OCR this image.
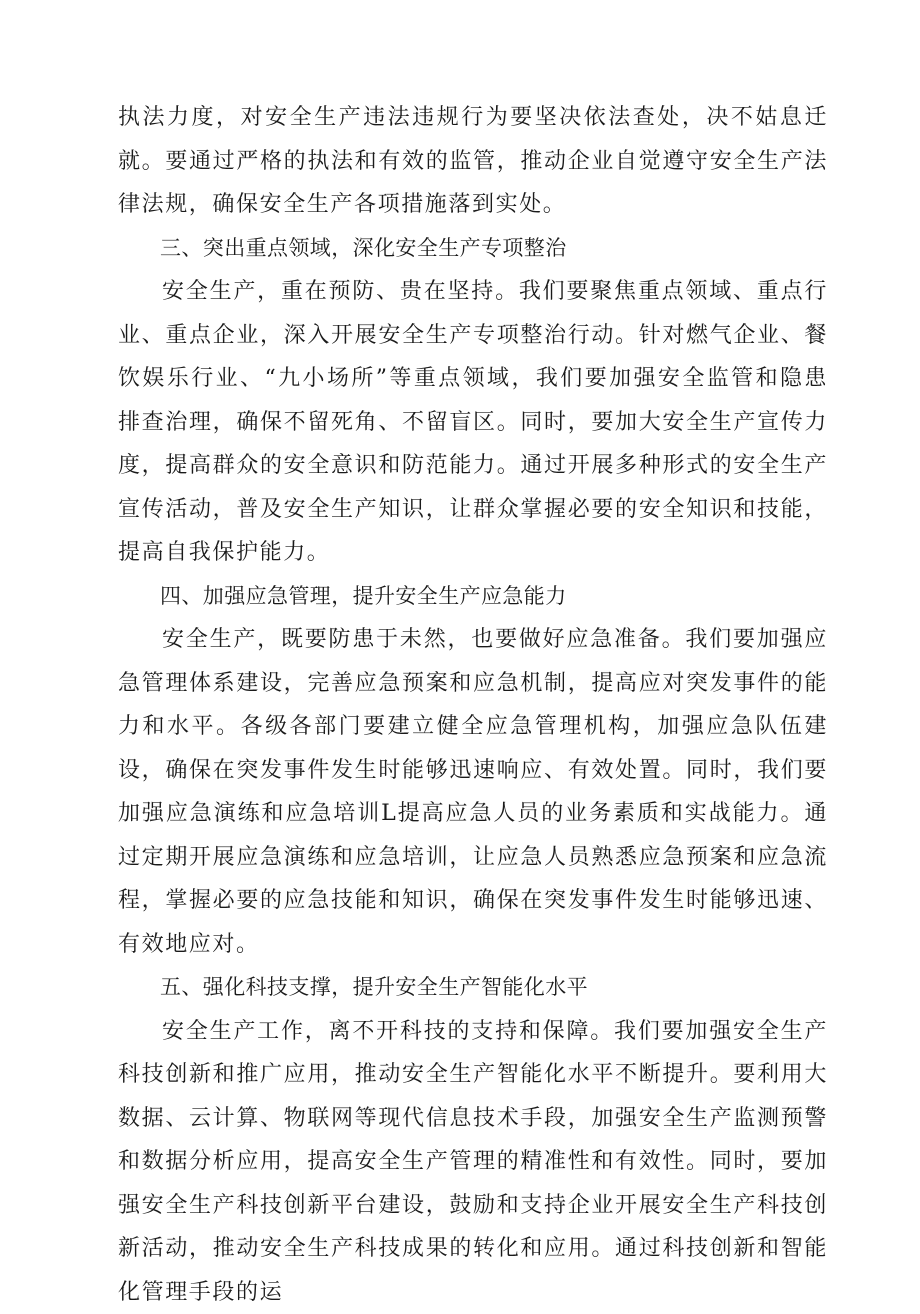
执法力度，对安全生产违法违规行为要坚决依法查处，决不姑息迁就。要通过严格的执法和有效的监管，推动企业自觉遵守安全生产法律法规，确保安全生产各项措施落到实处。

三、突出重点领域，深化安全生产专项整治

安全生产，重在预防、贵在坚持。我们要聚焦重点领域、重点行业、重点企业，深入开展安全生产专项整治行动。针对燃气企业、餐饮娱乐行业、“九小场所”等重点领域，我们要加强安全监管和隐患排查治理，确保不留死角、不留盲区。同时，要加大安全生产宣传力度，提高群众的安全意识和防范能力。通过开展多种形式的安全生产宣传活动，普及安全生产知识，让群众掌握必要的安全知识和技能，提高自我保护能力。

四、加强应急管理，提升安全生产应急能力

安全生产，既要防患于未然，也要做好应急准备。我们要加强应急管理体系建设，完善应急预案和应急机制，提高应对突发事件的能力和水平。各级各部门要建立健全应急管理机构，加强应急队伍建设，确保在突发事件发生时能够迅速响应、有效处置。同时，我们要加强应急演练和应急培训L提高应急人员的业务素质和实战能力。通过定期开展应急演练和应急培训，让应急人员熟悉应急预案和应急流程，掌握必要的应急技能和知识，确保在突发事件发生时能够迅速、有效地应对。

五、强化科技支撑，提升安全生产智能化水平

安全生产工作，离不开科技的支持和保障。我们要加强安全生产科技创新和推广应用，推动安全生产智能化水平不断提升。要利用大数据、云计算、物联网等现代信息技术手段，加强安全生产监测预警和数据分析应用，提高安全生产管理的精准性和有效性。同时，要加强安全生产科技创新平台建设，鼓励和支持企业开展安全生产科技创新活动，推动安全生产科技成果的转化和应用。通过科技创新和智能化管理手段的运
